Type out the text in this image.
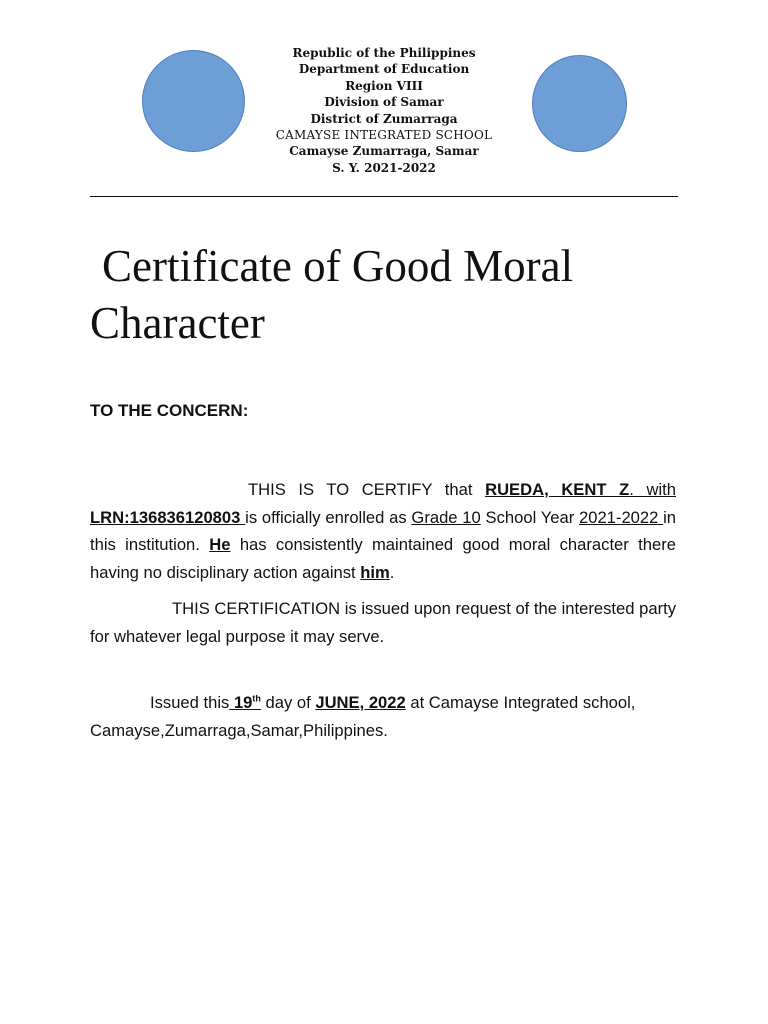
Republic of the Philippines
Department of Education
Region VIII
Division of Samar
District of Zumarraga
CAMAYSE INTEGRATED SCHOOL
Camayse Zumarraga, Samar
S. Y. 2021-2022
Certificate of Good Moral
Character
TO THE CONCERN:

THIS IS TO CERTIFY that RUEDA, KENT Z. with LRN:136836120803 is officially enrolled as Grade 10 School Year 2021-2022 in this institution. He has consistently maintained good moral character there having no disciplinary action against him.

THIS CERTIFICATION is issued upon request of the interested party for whatever legal purpose it may serve.

Issued this 19th day of JUNE, 2022 at Camayse Integrated school, Camayse,Zumarraga,Samar,Philippines.
